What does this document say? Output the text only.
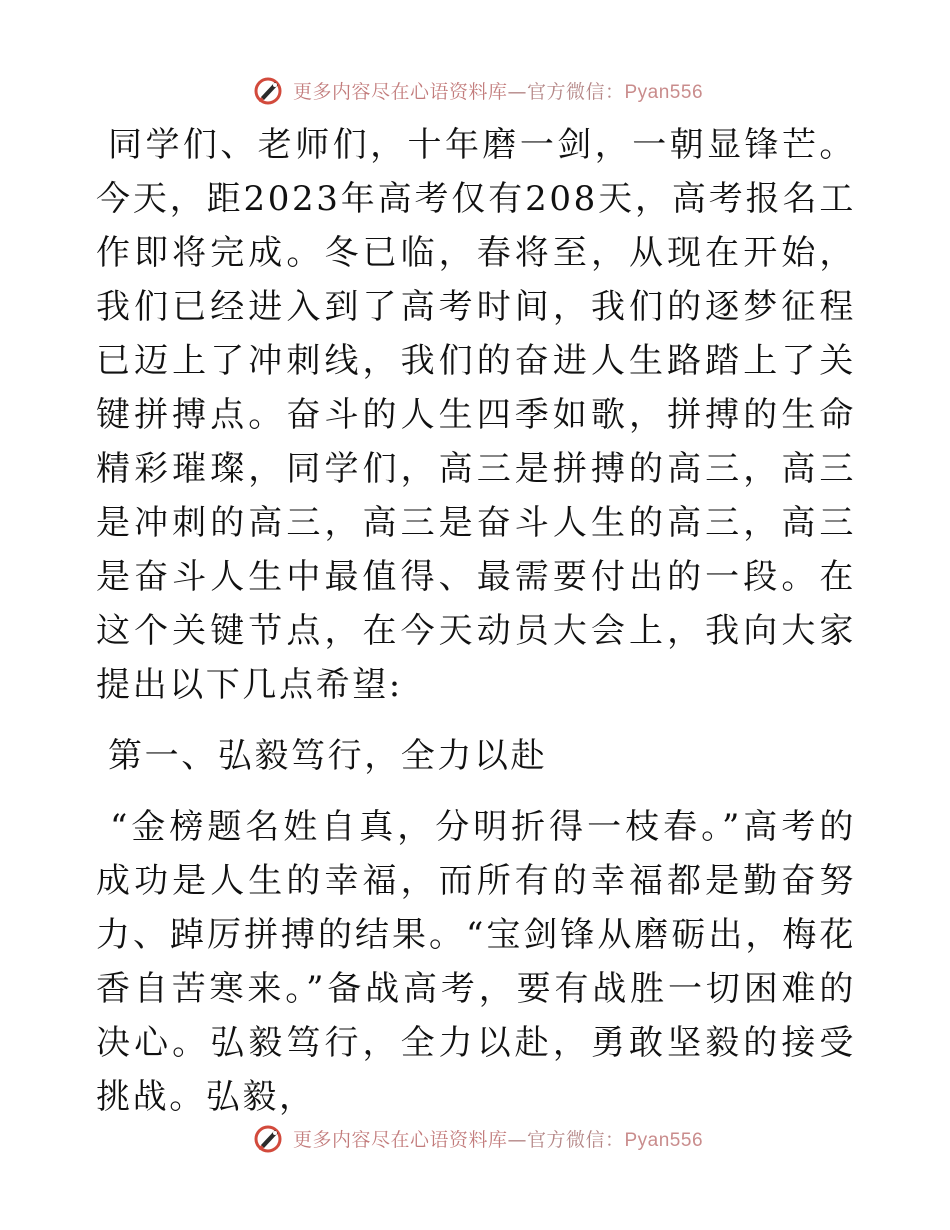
更多内容尽在心语资料库—官方微信：Pyan556

同学们、老师们，十年磨一剑，一朝显锋芒。今天，距2023年高考仅有208天，高考报名工作即将完成。冬已临，春将至，从现在开始，我们已经进入到了高考时间，我们的逐梦征程已迈上了冲刺线，我们的奋进人生路踏上了关键拼搏点。奋斗的人生四季如歌，拼搏的生命精彩璀璨，同学们，高三是拼搏的高三，高三是冲刺的高三，高三是奋斗人生的高三，高三是奋斗人生中最值得、最需要付出的一段。在这个关键节点，在今天动员大会上，我向大家提出以下几点希望:

第一、弘毅笃行，全力以赴

“金榜题名姓自真，分明折得一枝春。”高考的成功是人生的幸福，而所有的幸福都是勤奋努力、踔厉拼搏的结果。“宝剑锋从磨砺出，梅花香自苦寒来。”备战高考，要有战胜一切困难的决心。弘毅笃行，全力以赴，勇敢坚毅的接受挑战。弘毅，

更多内容尽在心语资料库—官方微信：Pyan556
